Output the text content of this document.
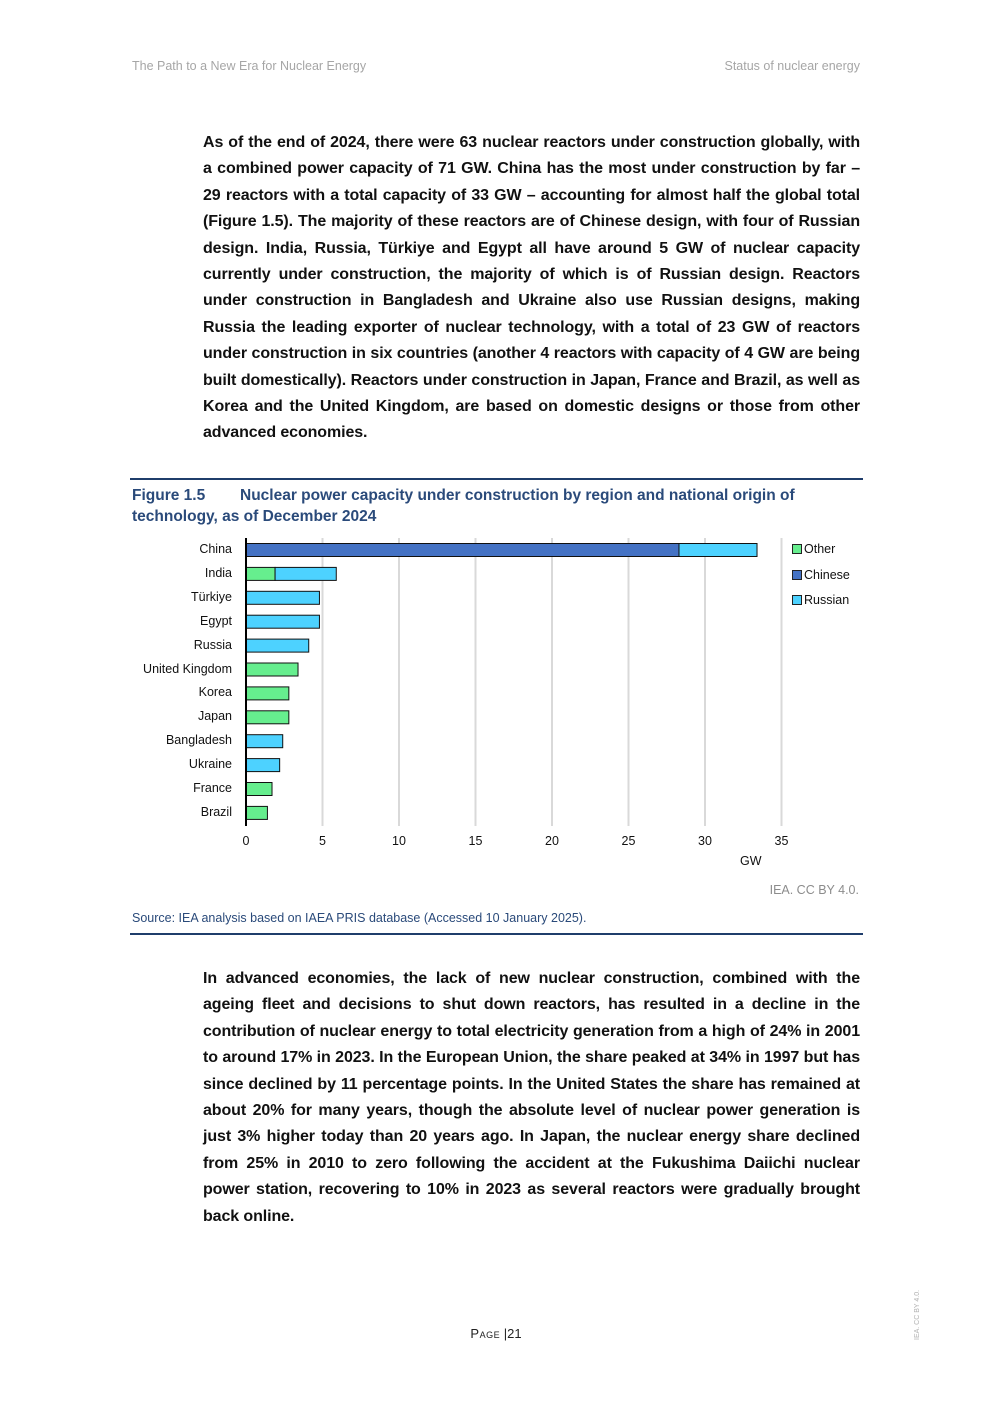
The Path to a New Era for Nuclear Energy	Status of nuclear energy
As of the end of 2024, there were 63 nuclear reactors under construction globally, with a combined power capacity of 71 GW. China has the most under construction by far – 29 reactors with a total capacity of 33 GW – accounting for almost half the global total (Figure 1.5). The majority of these reactors are of Chinese design, with four of Russian design. India, Russia, Türkiye and Egypt all have around 5 GW of nuclear capacity currently under construction, the majority of which is of Russian design. Reactors under construction in Bangladesh and Ukraine also use Russian designs, making Russia the leading exporter of nuclear technology, with a total of 23 GW of reactors under construction in six countries (another 4 reactors with capacity of 4 GW are being built domestically). Reactors under construction in Japan, France and Brazil, as well as Korea and the United Kingdom, are based on domestic designs or those from other advanced economies.
Figure 1.5 Nuclear power capacity under construction by region and national origin of technology, as of December 2024
China
India
Türkiye
Egypt
Russia
United Kingdom
Korea
Japan
Bangladesh
Ukraine
France
Brazil
0	5	10	15	20	25	30	35
GW
Other
Chinese
Russian
IEA. CC BY 4.0.
Source: IEA analysis based on IAEA PRIS database (Accessed 10 January 2025).
In advanced economies, the lack of new nuclear construction, combined with the ageing fleet and decisions to shut down reactors, has resulted in a decline in the contribution of nuclear energy to total electricity generation from a high of 24% in 2001 to around 17% in 2023. In the European Union, the share peaked at 34% in 1997 but has since declined by 11 percentage points. In the United States the share has remained at about 20% for many years, though the absolute level of nuclear power generation is just 3% higher today than 20 years ago. In Japan, the nuclear energy share declined from 25% in 2010 to zero following the accident at the Fukushima Daiichi nuclear power station, recovering to 10% in 2023 as several reactors were gradually brought back online.
Page |21	IEA. CC BY 4.0.
